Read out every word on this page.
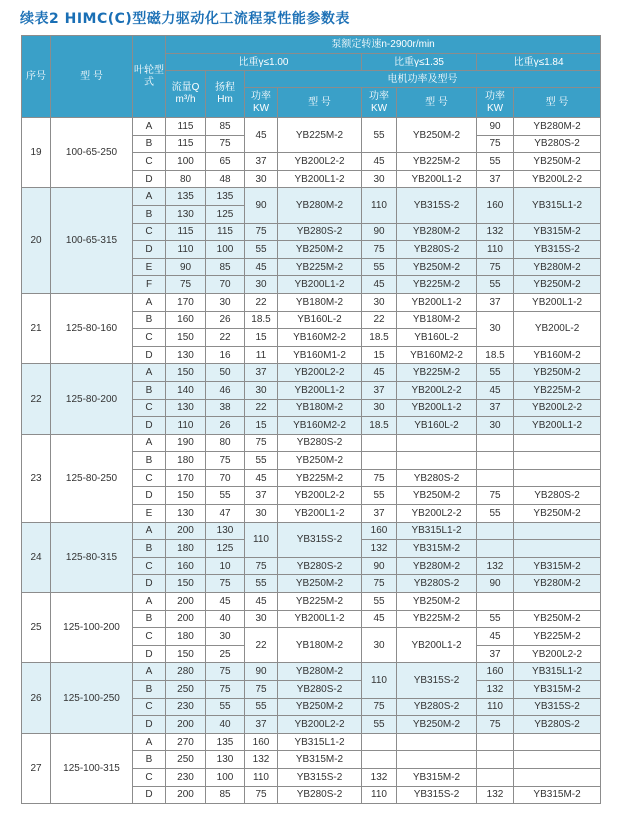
续表2 HIMC(C)型磁力驱动化工流程泵性能参数表
序号	型 号	叶轮型式	泵额定转速n-2900r/min							
			比重γ≤1.00				比重γ≤1.35		比重γ≤1.84	
			流量Q m³/h	扬程 Hm	电机功率及型号					
					功率 KW	型 号	功率 KW	型 号	功率 KW	型 号
19	100-65-250	A	115	85	45	YB225M-2	55	YB250M-2	90	YB280M-2
		B	115	75					75	YB280S-2
		C	100	65	37	YB200L2-2	45	YB225M-2	55	YB250M-2
		D	80	48	30	YB200L1-2	30	YB200L1-2	37	YB200L2-2
20	100-65-315	A	135	135	90	YB280M-2	110	YB315S-2	160	YB315L1-2
		B	130	125						
		C	115	115	75	YB280S-2	90	YB280M-2	132	YB315M-2
		D	110	100	55	YB250M-2	75	YB280S-2	110	YB315S-2
		E	90	85	45	YB225M-2	55	YB250M-2	75	YB280M-2
		F	75	70	30	YB200L1-2	45	YB225M-2	55	YB250M-2
21	125-80-160	A	170	30	22	YB180M-2	30	YB200L1-2	37	YB200L1-2
		B	160	26	18.5	YB160L-2	22	YB180M-2	30	YB200L-2
		C	150	22	15	YB160M2-2	18.5	YB160L-2		
		D	130	16	11	YB160M1-2	15	YB160M2-2	18.5	YB160M-2
22	125-80-200	A	150	50	37	YB200L2-2	45	YB225M-2	55	YB250M-2
		B	140	46	30	YB200L1-2	37	YB200L2-2	45	YB225M-2
		C	130	38	22	YB180M-2	30	YB200L1-2	37	YB200L2-2
		D	110	26	15	YB160M2-2	18.5	YB160L-2	30	YB200L1-2
23	125-80-250	A	190	80	75	YB280S-2				
		B	180	75	55	YB250M-2				
		C	170	70	45	YB225M-2	75	YB280S-2		
		D	150	55	37	YB200L2-2	55	YB250M-2	75	YB280S-2
		E	130	47	30	YB200L1-2	37	YB200L2-2	55	YB250M-2
24	125-80-315	A	200	130	110	YB315S-2	160	YB315L1-2		
		B	180	125			132	YB315M-2		
		C	160	10	75	YB280S-2	90	YB280M-2	132	YB315M-2
		D	150	75	55	YB250M-2	75	YB280S-2	90	YB280M-2
25	125-100-200	A	200	45	45	YB225M-2	55	YB250M-2		
		B	200	40	30	YB200L1-2	45	YB225M-2	55	YB250M-2
		C	180	30	22	YB180M-2	30	YB200L1-2	45	YB225M-2
		D	150	25					37	YB200L2-2
26	125-100-250	A	280	75	90	YB280M-2	110	YB315S-2	160	YB315L1-2
		B	250	75	75	YB280S-2			132	YB315M-2
		C	230	55	55	YB250M-2	75	YB280S-2	110	YB315S-2
		D	200	40	37	YB200L2-2	55	YB250M-2	75	YB280S-2
27	125-100-315	A	270	135	160	YB315L1-2				
		B	250	130	132	YB315M-2				
		C	230	100	110	YB315S-2	132	YB315M-2		
		D	200	85	75	YB280S-2	110	YB315S-2	132	YB315M-2
